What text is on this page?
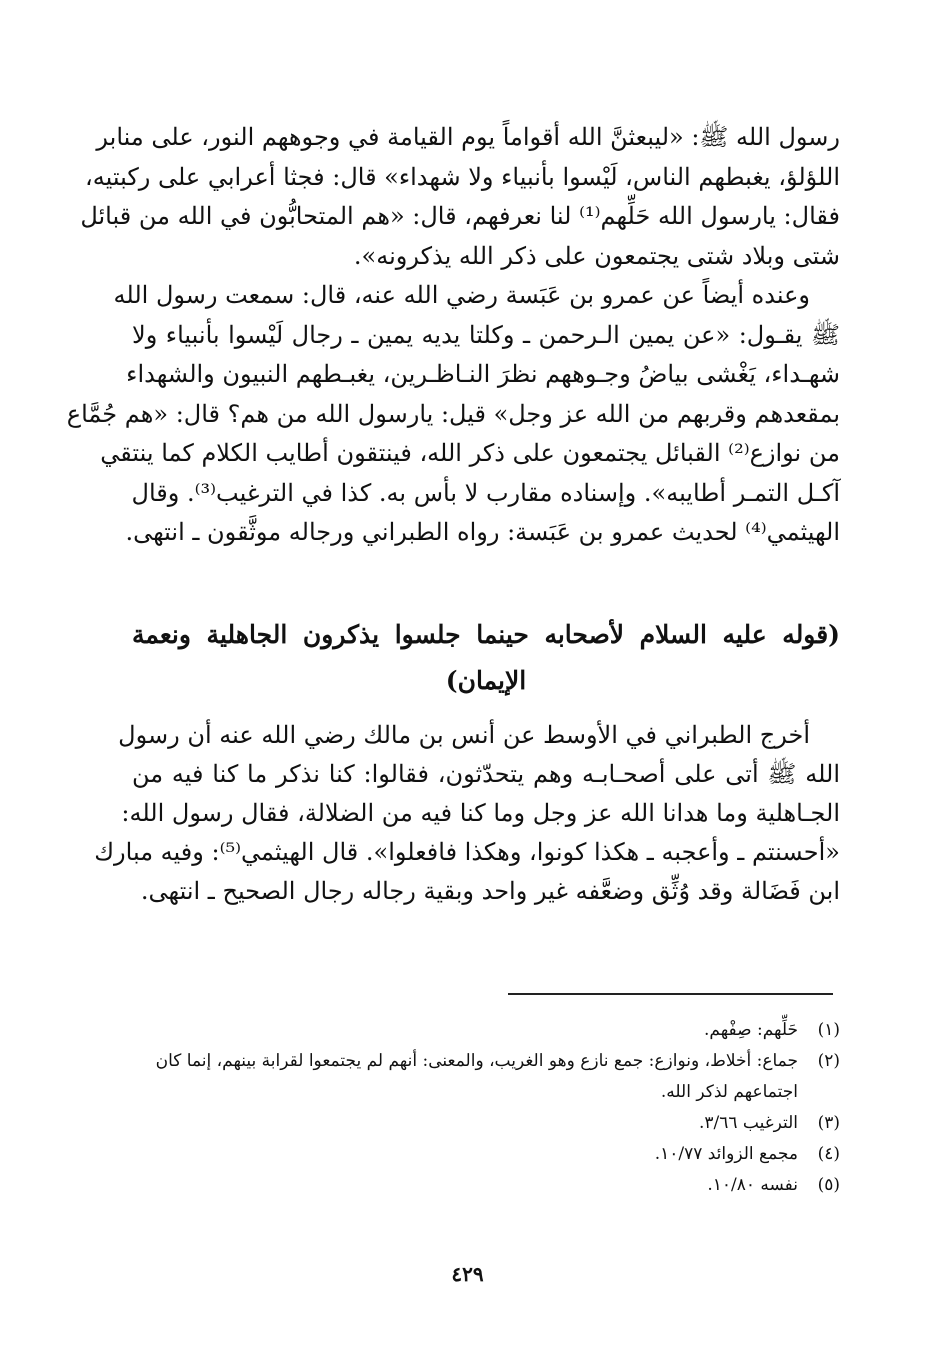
رسول الله ﷺ: «ليبعثنَّ الله أقواماً يوم القيامة في وجوههم النور، على منابر
اللؤلؤ، يغبطهم الناس، لَيْسوا بأنبياء ولا شهداء» قال: فجثا أعرابي على ركبتيه،
فقال: يارسول الله حَلِّهم⁽¹⁾ لنا نعرفهم، قال: «هم المتحابُّون في الله من قبائل
شتى وبلاد شتى يجتمعون على ذكر الله يذكرونه».
وعنده أيضاً عن عمرو بن عَبَسة رضي الله عنه، قال: سمعت رسول الله
ﷺ يقـول: «عن يمين الـرحمن ـ وكلتا يديه يمين ـ رجال لَيْسوا بأنبياء ولا
شهـداء، يَغْشى بياضُ وجـوههم نظرَ النـاظـرين، يغبـطهم النبيون والشهداء
بمقعدهم وقربهم من الله عز وجل» قيل: يارسول الله من هم؟ قال: «هم جُمَّاع
من نوازع⁽²⁾ القبائل يجتمعون على ذكر الله، فينتقون أطايب الكلام كما ينتقي
آكـل التمـر أطايبه». وإسناده مقارب لا بأس به. كذا في الترغيب⁽³⁾. وقال
الهيثمي⁽⁴⁾ لحديث عمرو بن عَبَسة: رواه الطبراني ورجاله موثَّقون ـ انتهى.
(قوله عليه السلام لأصحابه حينما جلسوا يذكرون الجاهلية ونعمة
الإيمان)
أخرج الطبراني في الأوسط عن أنس بن مالك رضي الله عنه أن رسول
الله ﷺ أتى على أصحـابـه وهم يتحدّثون، فقالوا: كنا نذكر ما كنا فيه من
الجـاهلية وما هدانا الله عز وجل وما كنا فيه من الضلالة، فقال رسول الله:
«أحسنتم ـ وأعجبه ـ هكذا كونوا، وهكذا فافعلوا». قال الهيثمي⁽⁵⁾: وفيه مبارك
ابن فَضَالة وقد وُثِّق وضعَّفه غير واحد وبقية رجاله رجال الصحيح ـ انتهى.
(١)
حَلِّهم: صِفْهم.
(٢)
جماع: أخلاط، ونوازع: جمع نازع وهو الغريب، والمعنى: أنهم لم يجتمعوا لقرابة بينهم، إنما كان اجتماعهم لذكر الله.
(٣)
الترغيب ٣/٦٦.
(٤)
مجمع الزوائد ١٠/٧٧.
(٥)
نفسه ١٠/٨٠.
٤٢٩
